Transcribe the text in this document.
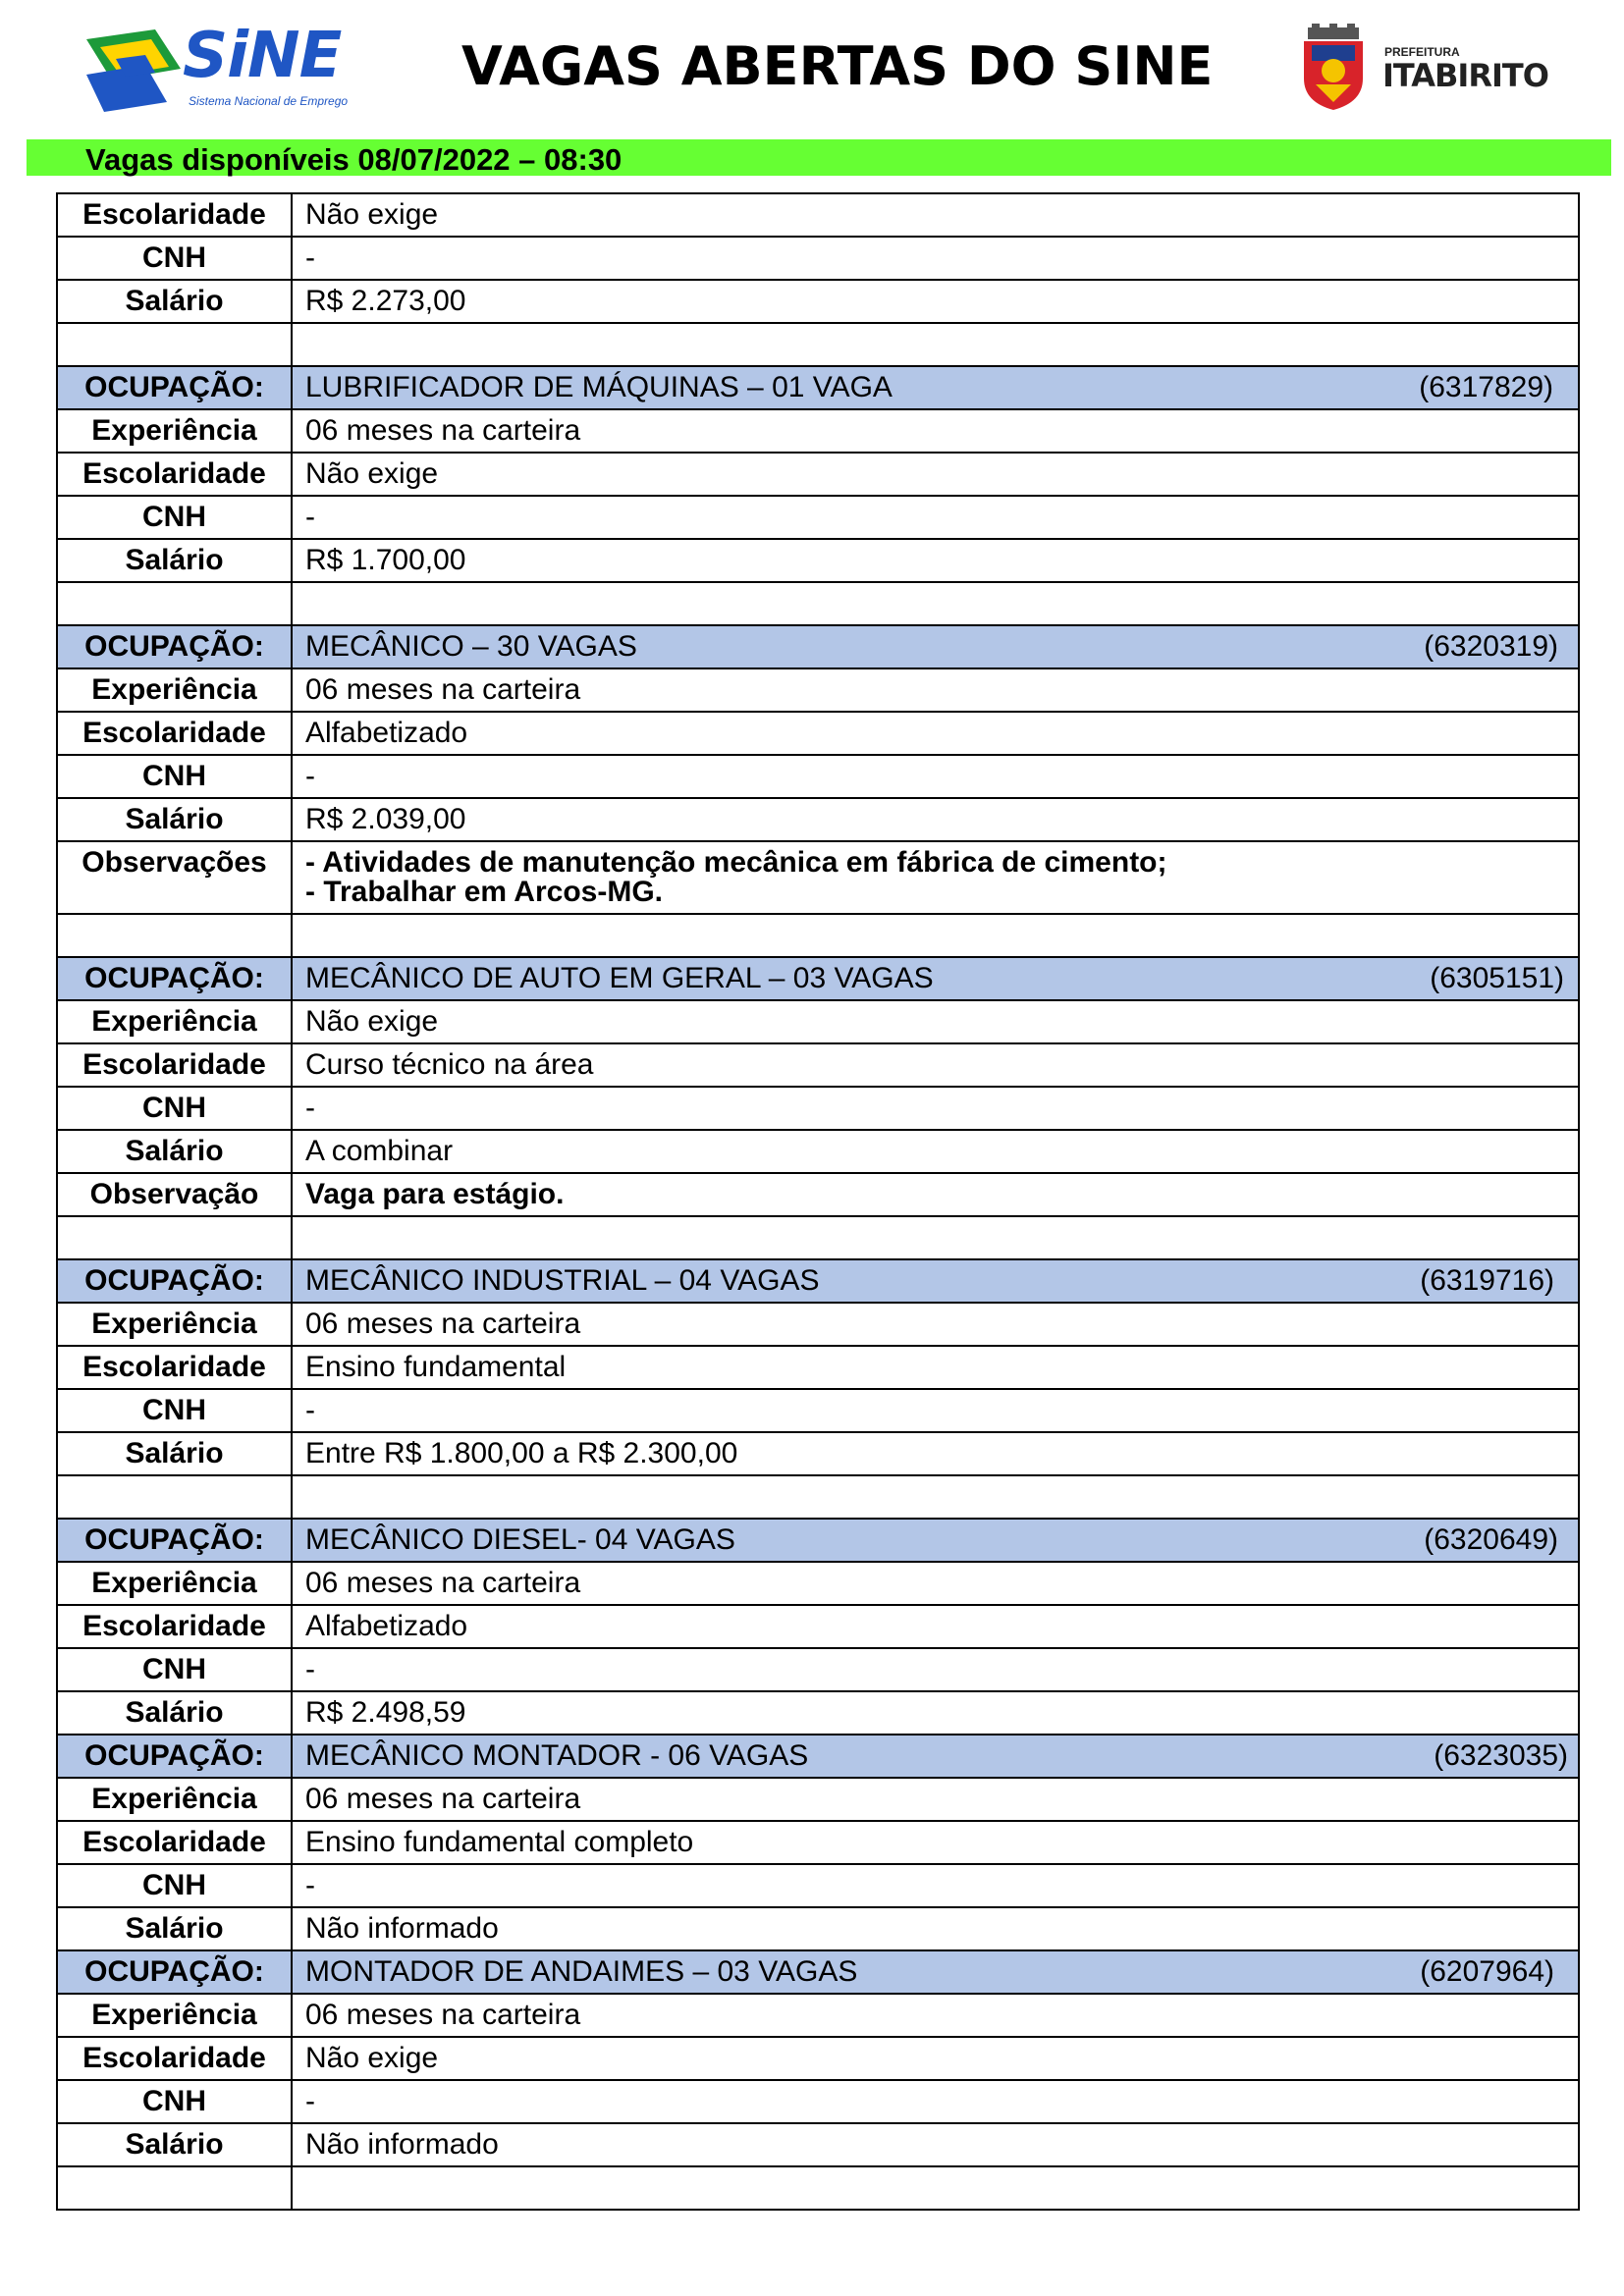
SiNE
Sistema Nacional de Emprego
VAGAS ABERTAS DO SINE	PREFEITURA
ITABIRITO
Vagas disponíveis 08/07/2022 – 08:30
Escolaridade	Não exige
CNH	-
Salário	R$ 2.273,00

OCUPAÇÃO:	LUBRIFICADOR DE MÁQUINAS – 01 VAGA (6317829)

Experiência	06 meses na carteira
Escolaridade	Não exige
CNH	-
Salário	R$ 1.700,00

OCUPAÇÃO:	MECÂNICO – 30 VAGAS (6320319)

Experiência	06 meses na carteira
Escolaridade	Alfabetizado
CNH	-
Salário	R$ 2.039,00
Observações	- Atividades de manutenção mecânica em fábrica de cimento;
- Trabalhar em Arcos-MG.

OCUPAÇÃO:	MECÂNICO DE AUTO EM GERAL – 03 VAGAS (6305151)

Experiência	Não exige
Escolaridade	Curso técnico na área
CNH	-
Salário	A combinar
Observação	Vaga para estágio.

OCUPAÇÃO:	MECÂNICO INDUSTRIAL – 04 VAGAS (6319716)

Experiência	06 meses na carteira
Escolaridade	Ensino fundamental
CNH	-
Salário	Entre R$ 1.800,00 a R$ 2.300,00

OCUPAÇÃO:	MECÂNICO DIESEL- 04 VAGAS (6320649)

Experiência	06 meses na carteira
Escolaridade	Alfabetizado
CNH	-
Salário	R$ 2.498,59
OCUPAÇÃO:	MECÂNICO MONTADOR - 06 VAGAS (6323035)

Experiência	06 meses na carteira
Escolaridade	Ensino fundamental completo
CNH	-
Salário	Não informado
OCUPAÇÃO:	MONTADOR DE ANDAIMES – 03 VAGAS (6207964)

Experiência	06 meses na carteira
Escolaridade	Não exige
CNH	-
Salário	Não informado
